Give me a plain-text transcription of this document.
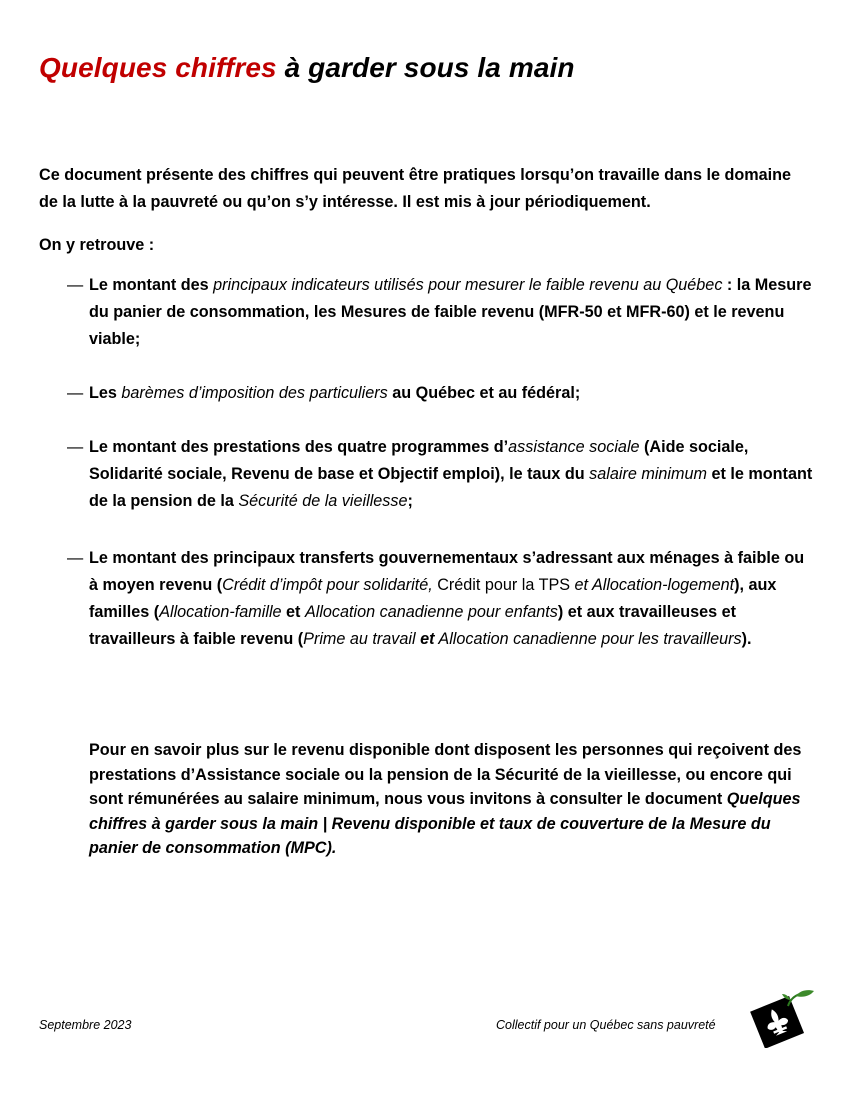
Quelques chiffres à garder sous la main

Ce document présente des chiffres qui peuvent être pratiques lorsqu’on travaille dans le domaine de la lutte à la pauvreté ou qu’on s’y intéresse. Il est mis à jour périodiquement.

On y retrouve :
— Le montant des principaux indicateurs utilisés pour mesurer le faible revenu au Québec : la Mesure du panier de consommation, les Mesures de faible revenu (MFR-50 et MFR-60) et le revenu viable;
— Les barèmes d’imposition des particuliers au Québec et au fédéral;
— Le montant des prestations des quatre programmes d’assistance sociale (Aide sociale, Solidarité sociale, Revenu de base et Objectif emploi), le taux du salaire minimum et le montant de la pension de la Sécurité de la vieillesse;
— Le montant des principaux transferts gouvernementaux s’adressant aux ménages à faible ou à moyen revenu (Crédit d’impôt pour solidarité, Crédit pour la TPS et Allocation-logement), aux familles (Allocation-famille et Allocation canadienne pour enfants) et aux travailleuses et travailleurs à faible revenu (Prime au travail et Allocation canadienne pour les travailleurs).
Pour en savoir plus sur le revenu disponible dont disposent les personnes qui reçoivent des prestations d’Assistance sociale ou la pension de la Sécurité de la vieillesse, ou encore qui sont rémunérées au salaire minimum, nous vous invitons à consulter le document Quelques chiffres à garder sous la main | Revenu disponible et taux de couverture de la Mesure du panier de consommation (MPC).
Septembre 2023	Collectif pour un Québec sans pauvreté
